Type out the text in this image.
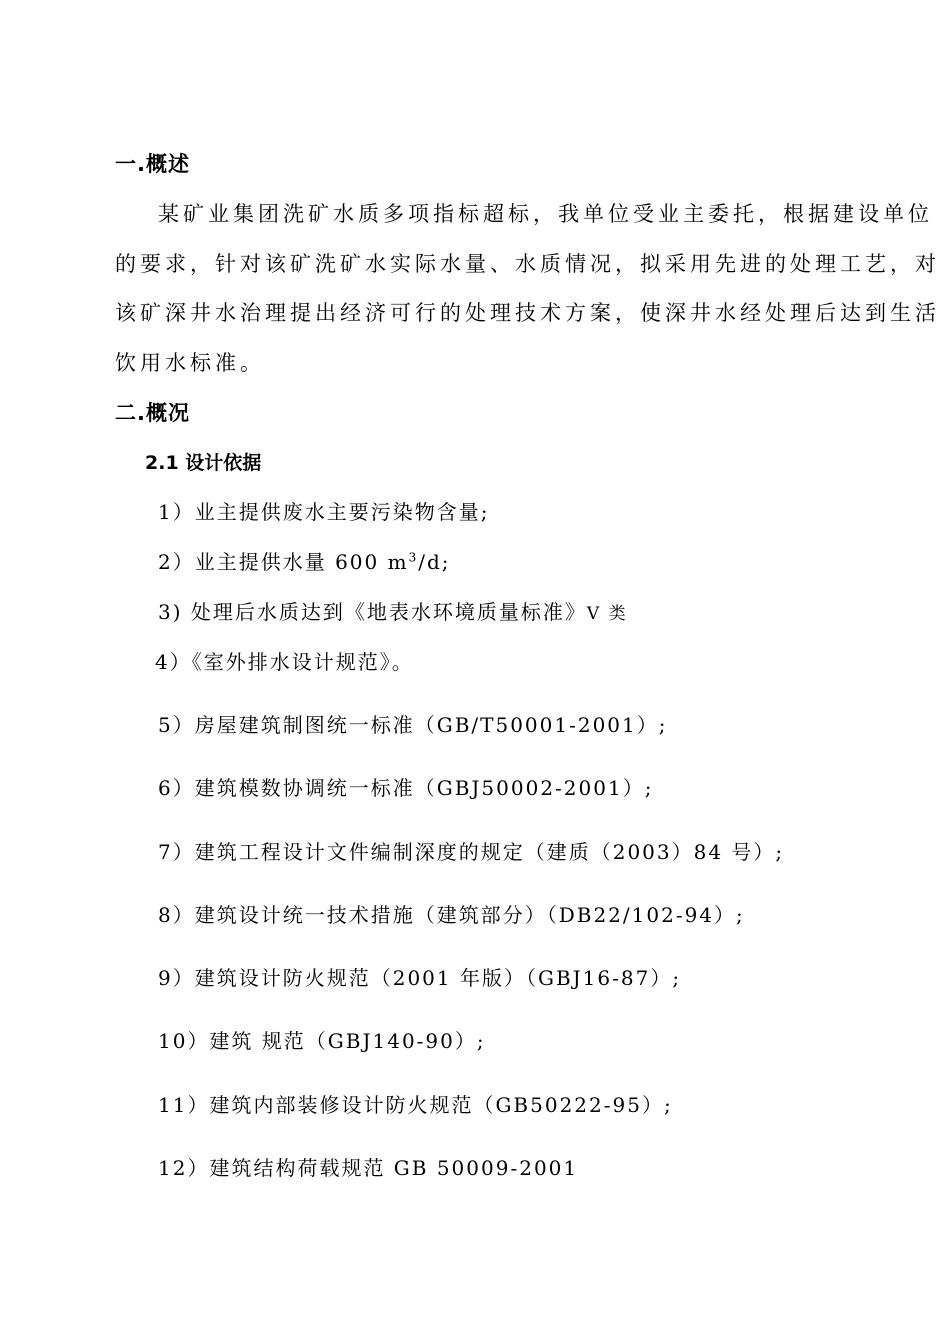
一.概述
某矿业集团洗矿水质多项指标超标，我单位受业主委托，根据建设单位
的要求，针对该矿洗矿水实际水量、水质情况，拟采用先进的处理工艺，对
该矿深井水治理提出经济可行的处理技术方案，使深井水经处理后达到生活
饮用水标准。
二.概况
2.1 设计依据
1）业主提供废水主要污染物含量;
2）业主提供水量 600 $m^3/d$;
3) 处理后水质达到《地表水环境质量标准》V 类
4）《室外排水设计规范》。
5）房屋建筑制图统一标准（GB/T50001-2001）;
6）建筑模数协调统一标准（GBJ50002-2001）;
7）建筑工程设计文件编制深度的规定（建质（2003）84 号）;
8）建筑设计统一技术措施（建筑部分）（DB22/102-94）;
9）建筑设计防火规范（2001 年版）（GBJ16-87）;
10）建筑 规范（GBJ140-90）;
11）建筑内部装修设计防火规范（GB50222-95）;
12）建筑结构荷载规范 GB 50009-2001
